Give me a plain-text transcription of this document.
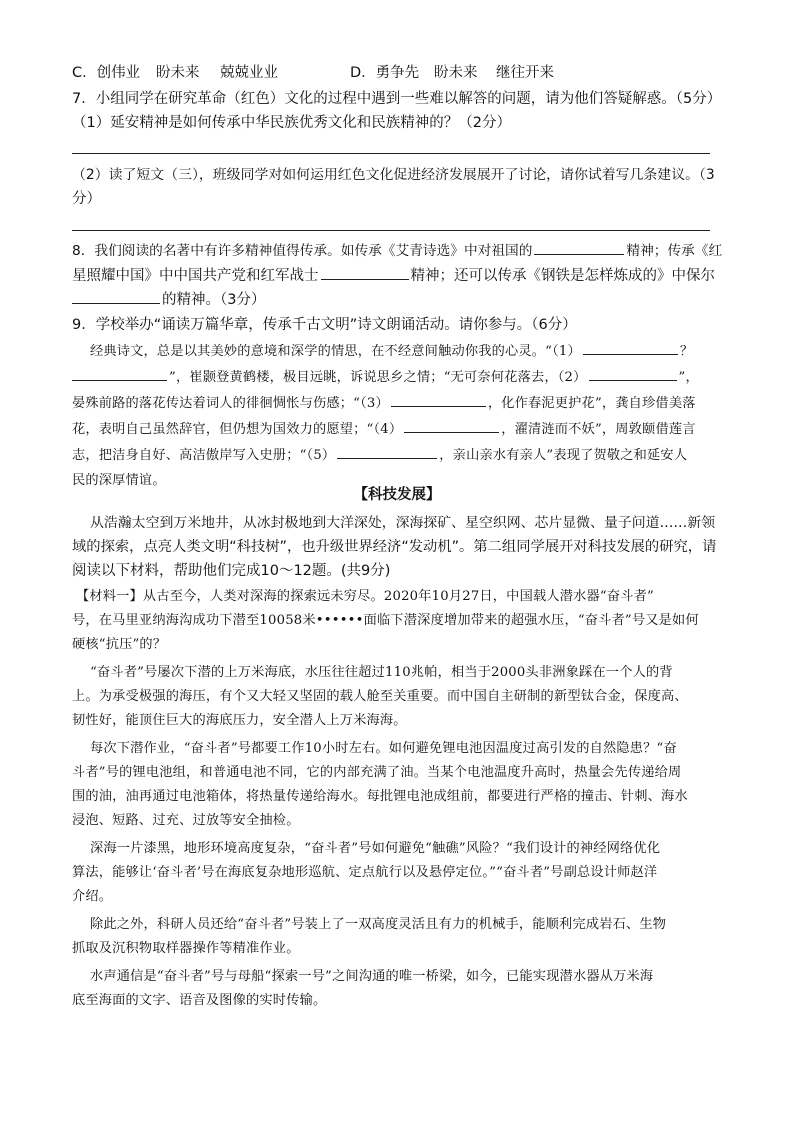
C．创伟业 盼未来 兢兢业业	D．勇争先 盼未来 继往开来
7．小组同学在研究革命（红色）文化的过程中遇到一些难以解答的问题，请为他们答疑解惑。（5分）
（1）延安精神是如何传承中华民族优秀文化和民族精神的？（2分）
（2）读了短文（三），班级同学对如何运用红色文化促进经济发展展开了讨论，请你试着写几条建议。（3
分）
8．我们阅读的名著中有许多精神值得传承。如传承《艾青诗选》中对祖国的	精神；传承《红
星照耀中国》中中国共产党和红军战士	精神；还可以传承《钢铁是怎样炼成的》中保尔
的精神。（3分）
9．学校举办“诵读万篇华章，传承千古文明”诗文朗诵活动。请你参与。（6分）
经典诗文，总是以其美妙的意境和深学的情思，在不经意间触动你我的心灵。“（1）	？
”，崔颢登黄鹤楼，极目远眺，诉说思乡之情；“无可奈何花落去，（2）	”，
晏殊前路的落花传达着词人的徘徊惆怅与伤感；“（3）	，化作春泥更护花”，龚自珍借美落
花，表明自己虽然辞官，但仍想为国效力的愿望；“（4）	，濯清涟而不妖”，周敦颐借莲言
志，把洁身自好、高洁傲岸写入史册；“（5）	，亲山亲水有亲人”表现了贺敬之和延安人
民的深厚情谊。
【科技发展】
从浩瀚太空到万米地井，从冰封极地到大洋深处，深海探矿、星空织网、芯片显微、量子问道……新领
域的探索，点亮人类文明“科技树”，也升级世界经济“发动机”。第二组同学展开对科技发展的研究，请
阅读以下材料，帮助他们完成10～12题。(共9分)
【材料一】从古至今，人类对深海的探索远未穷尽。2020年10月27日，中国载人潜水器“奋斗者”
号，在马里亚纳海沟成功下潜至10058米••••••面临下潜深度增加带来的超强水压，“奋斗者”号又是如何
硬核“抗压”的？
“奋斗者”号屡次下潜的上万米海底，水压往往超过110兆帕，相当于2000头非洲象踩在一个人的背
上。为承受极强的海压，有个又大轻又坚固的载人舱至关重要。而中国自主研制的新型钛合金，保度高、
韧性好，能顶住巨大的海底压力，安全潜人上万米海海。
每次下潜作业，“奋斗者”号都要工作10小时左右。如何避免锂电池因温度过高引发的自然隐患？“奋
斗者”号的锂电池组，和普通电池不同，它的内部充满了油。当某个电池温度升高时，热量会先传递给周
围的油，油再通过电池箱体，将热量传递给海水。每批锂电池成组前，都要进行严格的撞击、针刺、海水
浸泡、短路、过充、过放等安全抽检。
深海一片漆黑，地形环境高度复杂，“奋斗者”号如何避免“触礁”风险？“我们设计的神经网络优化
算法，能够让‘奋斗者’号在海底复杂地形巡航、定点航行以及悬停定位。”“奋斗者”号副总设计师赵洋
介绍。
除此之外，科研人员还给“奋斗者”号装上了一双高度灵活且有力的机械手，能顺利完成岩石、生物
抓取及沉积物取样器操作等精准作业。
水声通信是“奋斗者”号与母船“探索一号”之间沟通的唯一桥梁，如今，已能实现潜水器从万米海
底至海面的文字、语音及图像的实时传输。
